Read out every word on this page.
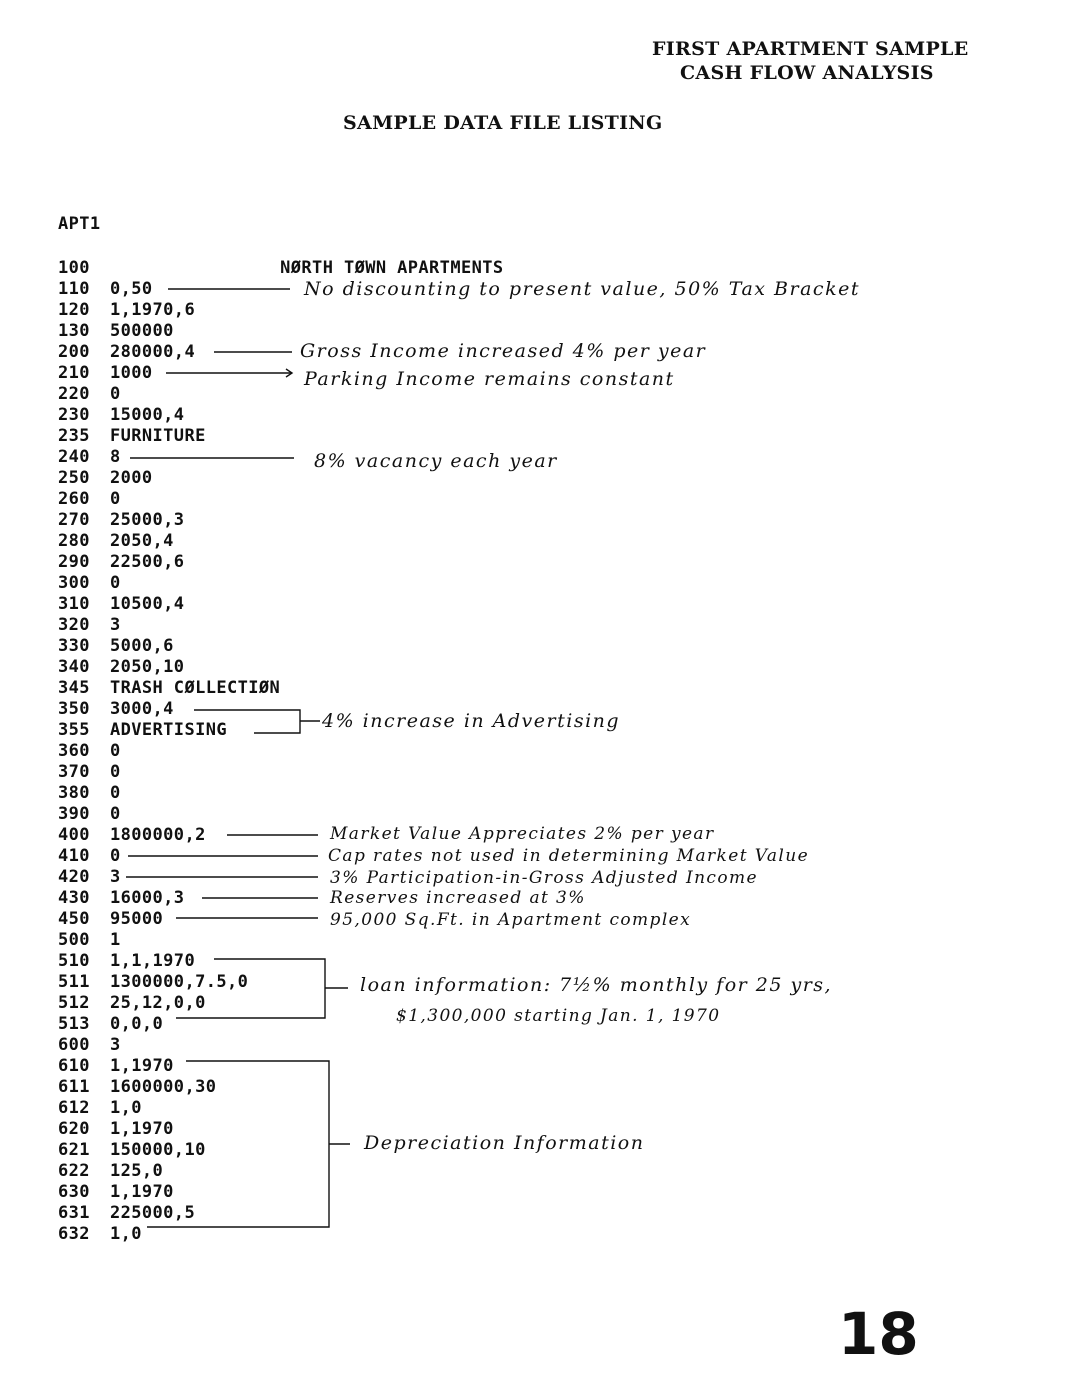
FIRST APARTMENT SAMPLE
CASH FLOW ANALYSIS
SAMPLE DATA FILE LISTING
APT1
100                NØRTH TØWN APARTMENTS
110 0,50
120 1,1970,6
130 500000
200 280000,4
210 1000
220 0
230 15000,4
235 FURNITURE
240 8
250 2000
260 0
270 25000,3
280 2050,4
290 22500,6
300 0
310 10500,4
320 3
330 5000,6
340 2050,10
345 TRASH CØLLECTIØN
350 3000,4
355 ADVERTISING
360 0
370 0
380 0
390 0
400 1800000,2
410 0
420 3
430 16000,3
450 95000
500 1
510 1,1,1970
511 1300000,7.5,0
512 25,12,0,0
513 0,0,0
600 3
610 1,1970
611 1600000,30
612 1,0
620 1,1970
621 150000,10
622 125,0
630 1,1970
631 225000,5
632 1,0
No discounting to present value, 50% Tax Bracket
Gross Income increased 4% per year
Parking Income remains constant
8% vacancy each year
4% increase in Advertising
Market Value Appreciates 2% per year
Cap rates not used in determining Market Value
3% Participation-in-Gross Adjusted Income
Reserves increased at 3%
95,000 Sq.Ft. in Apartment complex
loan information: 7½% monthly for 25 yrs,
$1,300,000 starting Jan. 1, 1970
Depreciation Information
18
